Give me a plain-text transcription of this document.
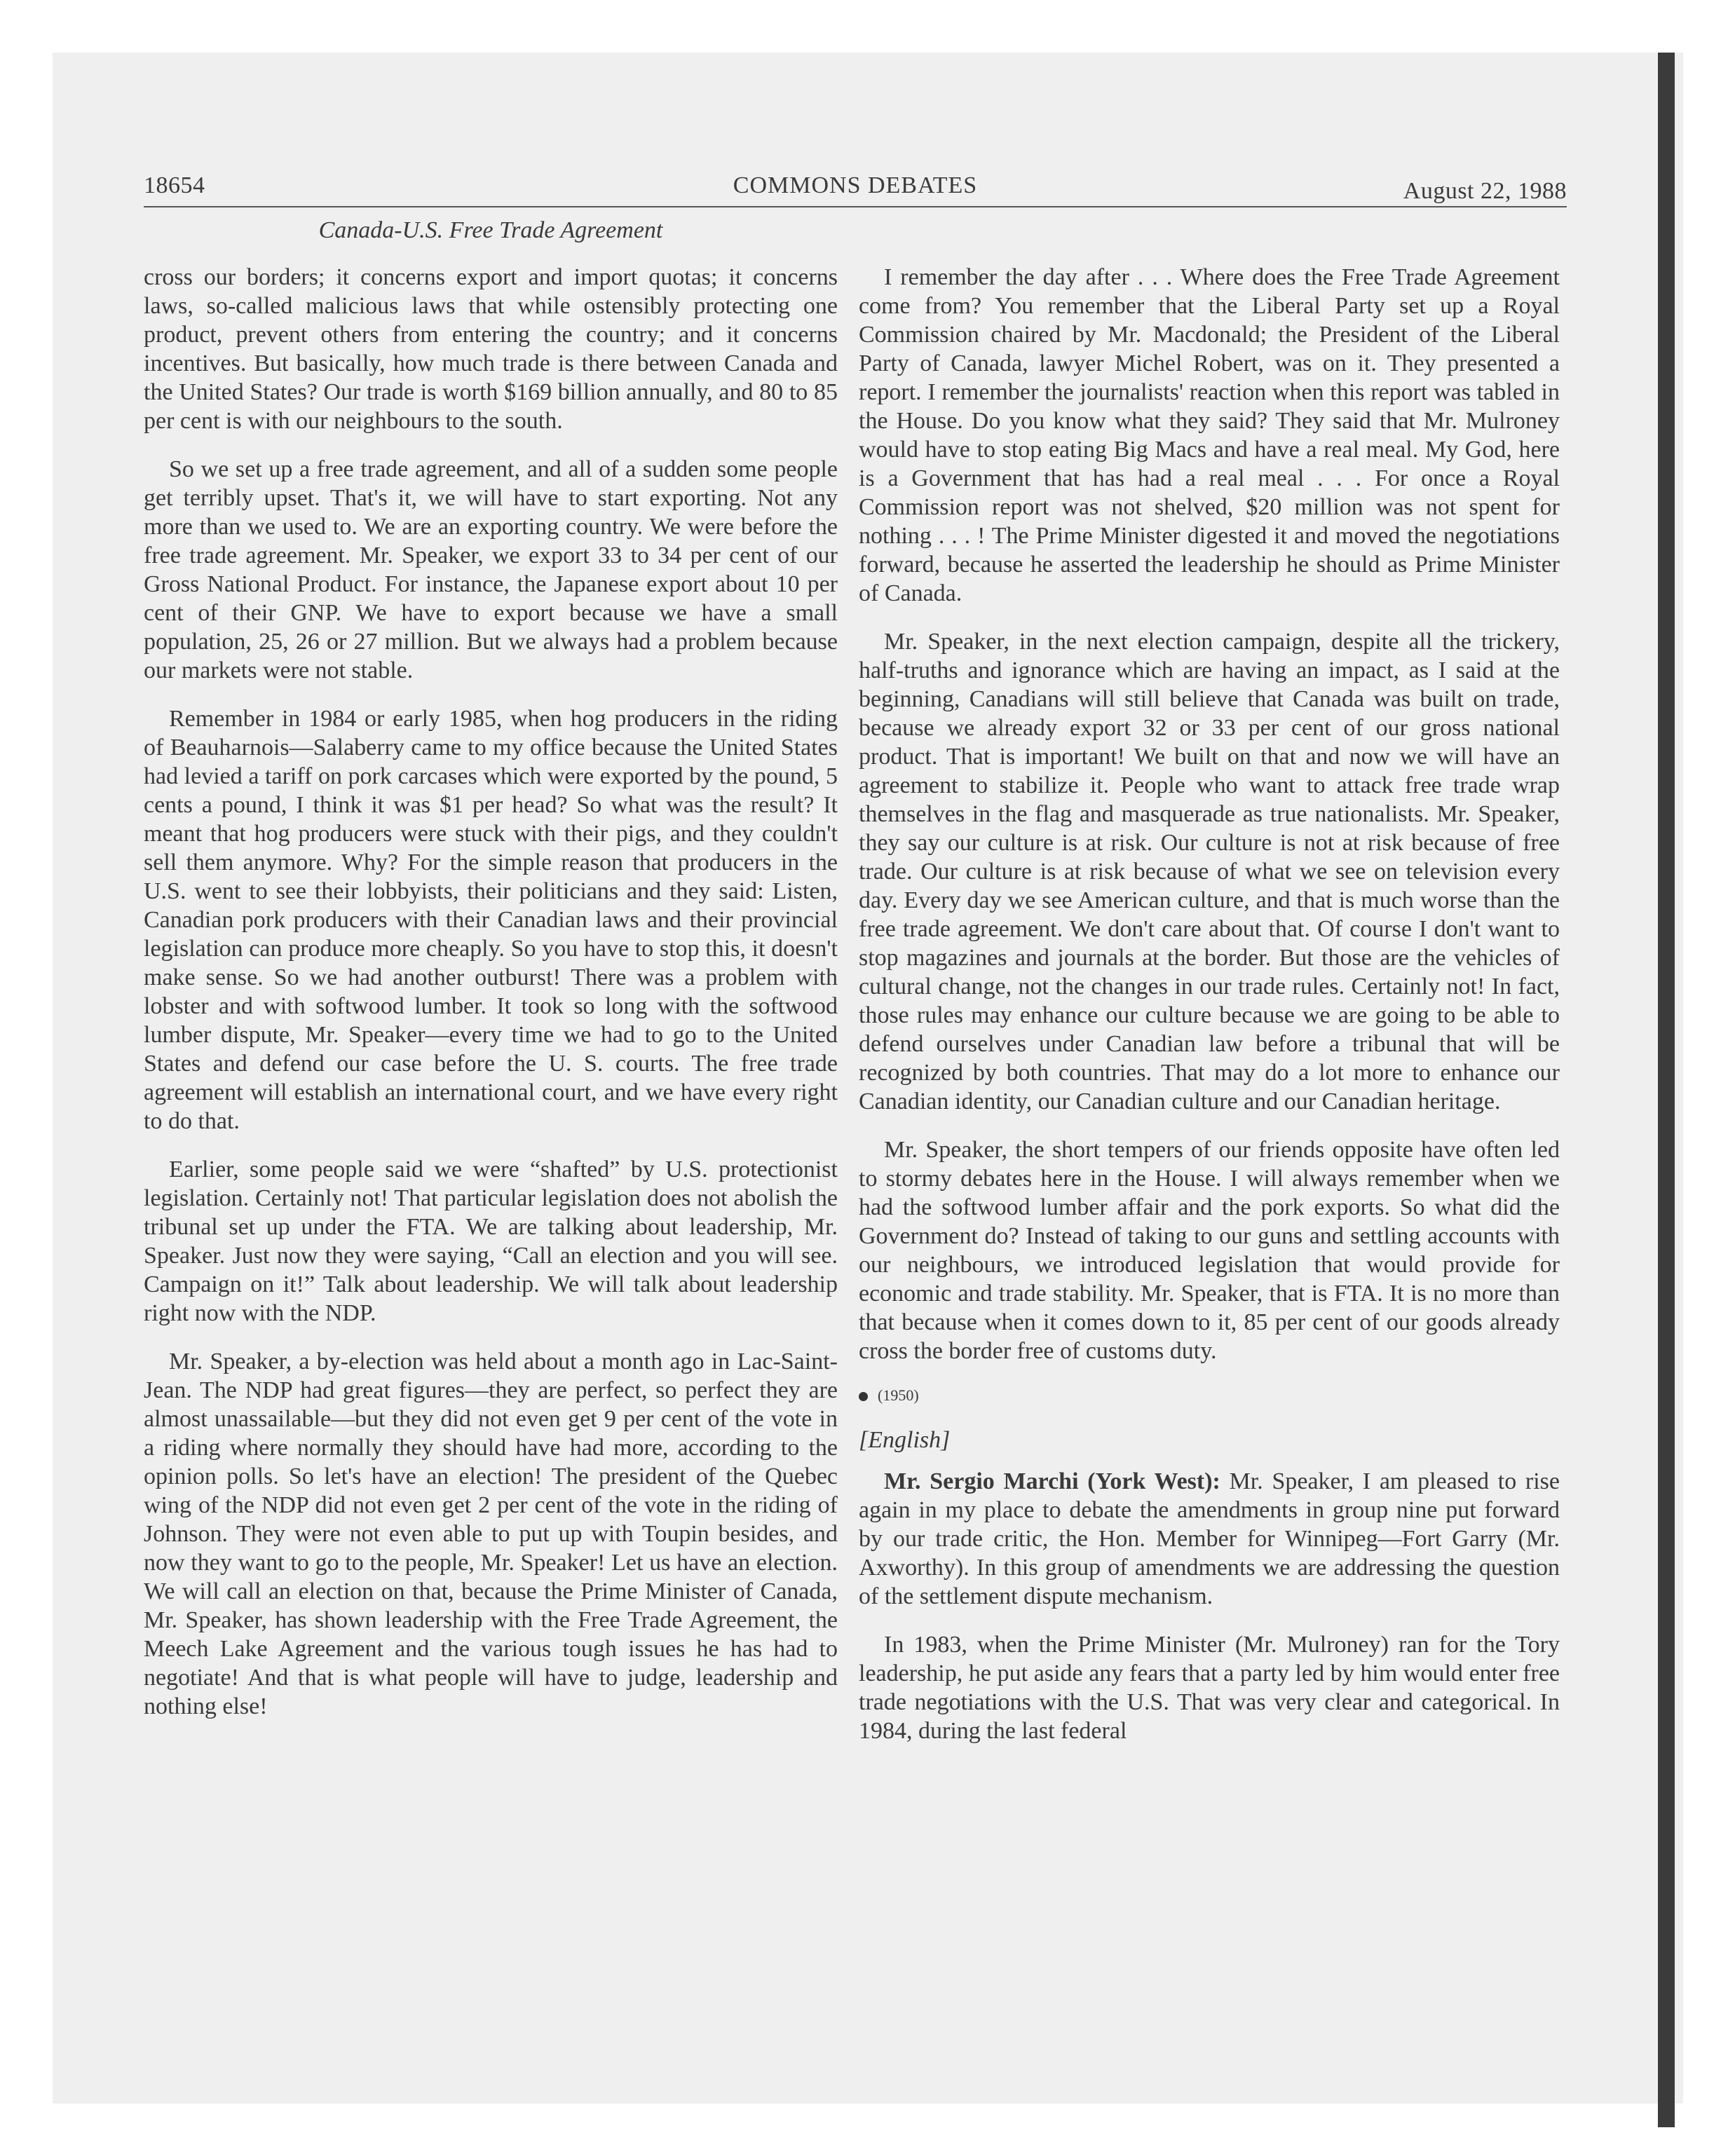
18654	COMMONS DEBATES	August 22, 1988
Canada-U.S. Free Trade Agreement

cross our borders; it concerns export and import quotas; it concerns laws, so-called malicious laws that while ostensibly protecting one product, prevent others from entering the country; and it concerns incentives. But basically, how much trade is there between Canada and the United States? Our trade is worth $169 billion annually, and 80 to 85 per cent is with our neighbours to the south.

So we set up a free trade agreement, and all of a sudden some people get terribly upset. That's it, we will have to start exporting. Not any more than we used to. We are an exporting country. We were before the free trade agreement. Mr. Speaker, we export 33 to 34 per cent of our Gross National Product. For instance, the Japanese export about 10 per cent of their GNP. We have to export because we have a small population, 25, 26 or 27 million. But we always had a problem because our markets were not stable.

Remember in 1984 or early 1985, when hog producers in the riding of Beauharnois—Salaberry came to my office because the United States had levied a tariff on pork carcases which were exported by the pound, 5 cents a pound, I think it was $1 per head? So what was the result? It meant that hog producers were stuck with their pigs, and they couldn't sell them anymore. Why? For the simple reason that producers in the U.S. went to see their lobbyists, their politicians and they said: Listen, Canadian pork producers with their Canadian laws and their provincial legislation can produce more cheaply. So you have to stop this, it doesn't make sense. So we had another outburst! There was a problem with lobster and with softwood lumber. It took so long with the softwood lumber dispute, Mr. Speaker—every time we had to go to the United States and defend our case before the U. S. courts. The free trade agreement will establish an international court, and we have every right to do that.

Earlier, some people said we were “shafted” by U.S. protectionist legislation. Certainly not! That particular legislation does not abolish the tribunal set up under the FTA. We are talking about leadership, Mr. Speaker. Just now they were saying, “Call an election and you will see. Campaign on it!” Talk about leadership. We will talk about leadership right now with the NDP.

Mr. Speaker, a by-election was held about a month ago in Lac-Saint-Jean. The NDP had great figures—they are perfect, so perfect they are almost unassailable—but they did not even get 9 per cent of the vote in a riding where normally they should have had more, according to the opinion polls. So let's have an election! The president of the Quebec wing of the NDP did not even get 2 per cent of the vote in the riding of Johnson. They were not even able to put up with Toupin besides, and now they want to go to the people, Mr. Speaker! Let us have an election. We will call an election on that, because the Prime Minister of Canada, Mr. Speaker, has shown leadership with the Free Trade Agreement, the Meech Lake Agreement and the various tough issues he has had to negotiate! And that is what people will have to judge, leadership and nothing else!

I remember the day after . . . Where does the Free Trade Agreement come from? You remember that the Liberal Party set up a Royal Commission chaired by Mr. Macdonald; the President of the Liberal Party of Canada, lawyer Michel Robert, was on it. They presented a report. I remember the journalists' reaction when this report was tabled in the House. Do you know what they said? They said that Mr. Mulroney would have to stop eating Big Macs and have a real meal. My God, here is a Government that has had a real meal . . . For once a Royal Commission report was not shelved, $20 million was not spent for nothing . . . ! The Prime Minister digested it and moved the negotiations forward, because he asserted the leadership he should as Prime Minister of Canada.

Mr. Speaker, in the next election campaign, despite all the trickery, half-truths and ignorance which are having an impact, as I said at the beginning, Canadians will still believe that Canada was built on trade, because we already export 32 or 33 per cent of our gross national product. That is important! We built on that and now we will have an agreement to stabilize it. People who want to attack free trade wrap themselves in the flag and masquerade as true nationalists. Mr. Speaker, they say our culture is at risk. Our culture is not at risk because of free trade. Our culture is at risk because of what we see on television every day. Every day we see American culture, and that is much worse than the free trade agreement. We don't care about that. Of course I don't want to stop magazines and journals at the border. But those are the vehicles of cultural change, not the changes in our trade rules. Certainly not! In fact, those rules may enhance our culture because we are going to be able to defend ourselves under Canadian law before a tribunal that will be recognized by both countries. That may do a lot more to enhance our Canadian identity, our Canadian culture and our Canadian heritage.

Mr. Speaker, the short tempers of our friends opposite have often led to stormy debates here in the House. I will always remember when we had the softwood lumber affair and the pork exports. So what did the Government do? Instead of taking to our guns and settling accounts with our neighbours, we introduced legislation that would provide for economic and trade stability. Mr. Speaker, that is FTA. It is no more than that because when it comes down to it, 85 per cent of our goods already cross the border free of customs duty.

(1950)
[English]

Mr. Sergio Marchi (York West): Mr. Speaker, I am pleased to rise again in my place to debate the amendments in group nine put forward by our trade critic, the Hon. Member for Winnipeg—Fort Garry (Mr. Axworthy). In this group of amendments we are addressing the question of the settlement dispute mechanism.

In 1983, when the Prime Minister (Mr. Mulroney) ran for the Tory leadership, he put aside any fears that a party led by him would enter free trade negotiations with the U.S. That was very clear and categorical. In 1984, during the last federal
